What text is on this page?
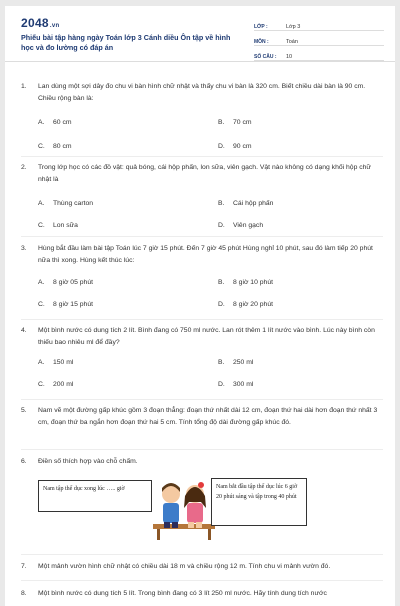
2048.vn
Phiếu bài tập hàng ngày Toán lớp 3 Cánh diều Ôn tập về hình học và đo lường có đáp án
LỚP :	Lớp 3
MÔN :	Toán
SỐ CÂU :	10
1. Lan dùng một sợi dây đo chu vi bàn hình chữ nhật và thấy chu vi bàn là 320 cm. Biết chiều dài bàn là 90 cm. Chiều rộng bàn là:
A. 60 cm	B. 70 cm
C. 80 cm	D. 90 cm
2. Trong lớp học có các đồ vật: quả bóng, cái hộp phấn, lon sữa, viên gạch. Vật nào không có dạng khối hộp chữ nhật là
A. Thùng carton	B. Cái hộp phấn
C. Lon sữa	D. Viên gạch
3. Hùng bắt đầu làm bài tập Toán lúc 7 giờ 15 phút. Đến 7 giờ 45 phút Hùng nghỉ 10 phút, sau đó làm tiếp 20 phút nữa thì xong. Hùng kết thúc lúc:
A. 8 giờ 05 phút	B. 8 giờ 10 phút
C. 8 giờ 15 phút	D. 8 giờ 20 phút
4. Một bình nước có dung tích 2 lít. Bình đang có 750 ml nước. Lan rót thêm 1 lít nước vào bình. Lúc này bình còn thiếu bao nhiêu ml để đầy?
A. 150 ml	B. 250 ml
C. 200 ml	D. 300 ml
5. Nam vẽ một đường gấp khúc gồm 3 đoạn thẳng: đoạn thứ nhất dài 12 cm, đoạn thứ hai dài hơn đoạn thứ nhất 3 cm, đoạn thứ ba ngắn hơn đoạn thứ hai 5 cm. Tính tổng độ dài đường gấp khúc đó.
6. Điền số thích hợp vào chỗ chấm.
Nam tập thể dục xong lúc ….. giờ	Nam bắt đầu tập thể dục lúc 6 giờ 20 phút sáng và tập trong 40 phút
7. Một mảnh vườn hình chữ nhật có chiều dài 18 m và chiều rộng 12 m. Tính chu vi mảnh vườn đó.
8. Một bình nước có dung tích 5 lít. Trong bình đang có 3 lít 250 ml nước. Hãy tính dung tích nước
